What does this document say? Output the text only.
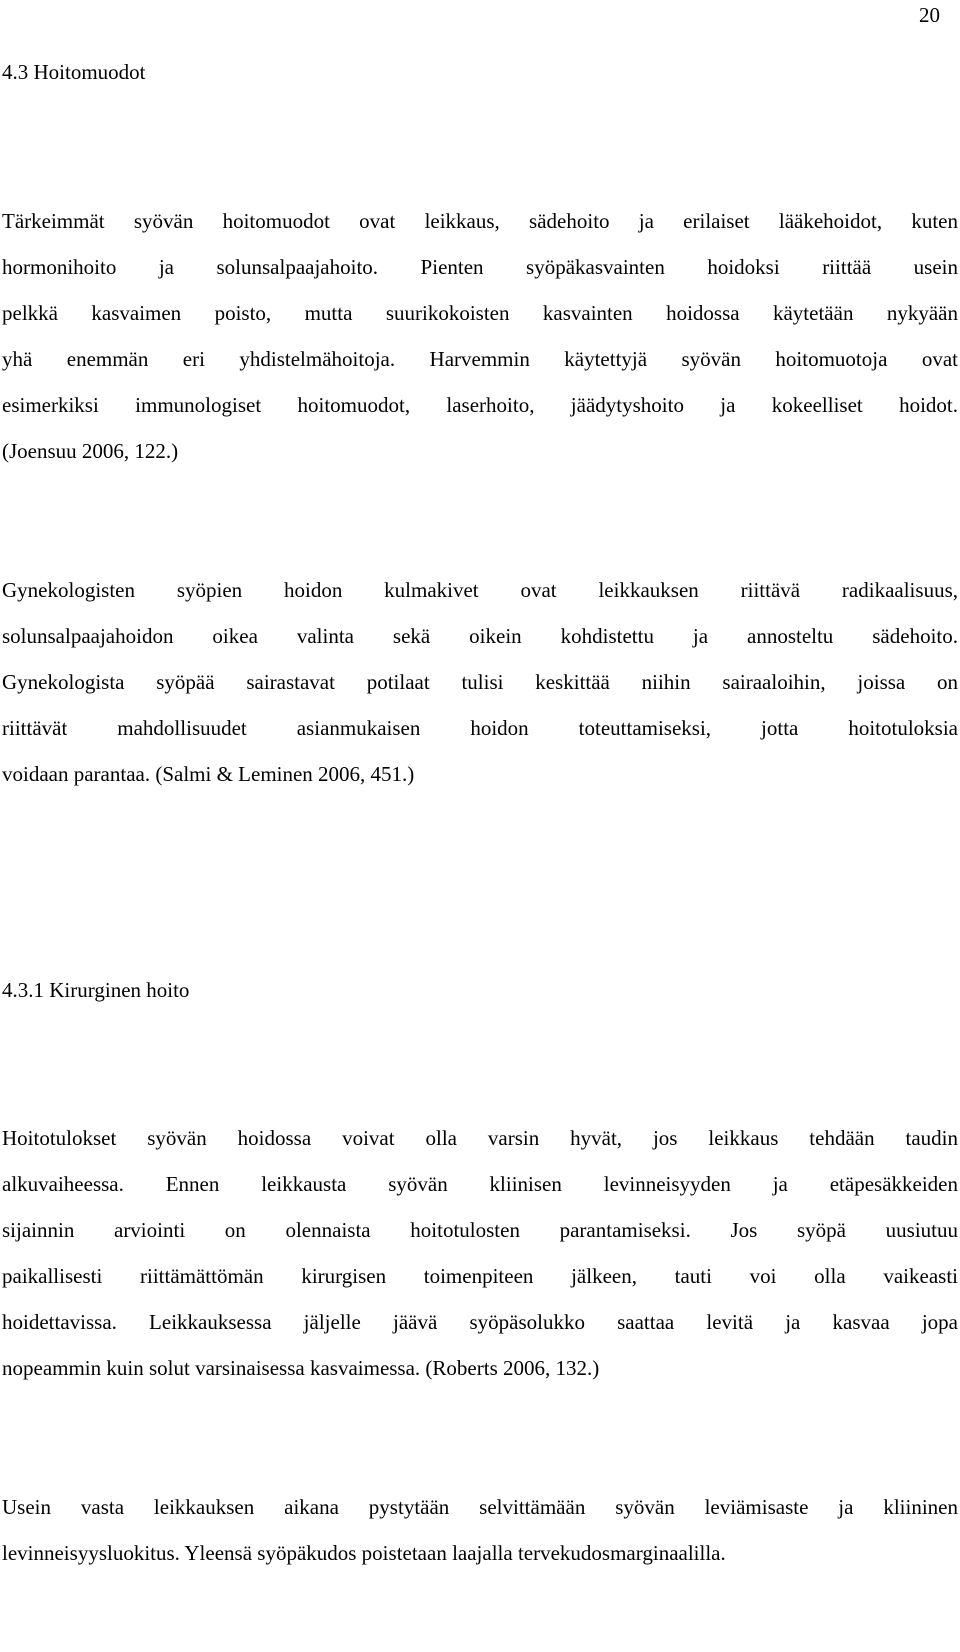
20
4.3 Hoitomuodot
Tärkeimmät syövän hoitomuodot ovat leikkaus, sädehoito ja erilaiset lääkehoidot, kuten
hormonihoito ja solunsalpaajahoito. Pienten syöpäkasvainten hoidoksi riittää usein
pelkkä kasvaimen poisto, mutta suurikokoisten kasvainten hoidossa käytetään nykyään
yhä enemmän eri yhdistelmähoitoja. Harvemmin käytettyjä syövän hoitomuotoja ovat
esimerkiksi immunologiset hoitomuodot, laserhoito, jäädytyshoito ja kokeelliset hoidot.
(Joensuu 2006, 122.)
Gynekologisten syöpien hoidon kulmakivet ovat leikkauksen riittävä radikaalisuus,
solunsalpaajahoidon oikea valinta sekä oikein kohdistettu ja annosteltu sädehoito.
Gynekologista syöpää sairastavat potilaat tulisi keskittää niihin sairaaloihin, joissa on
riittävät mahdollisuudet asianmukaisen hoidon toteuttamiseksi, jotta hoitotuloksia
voidaan parantaa. (Salmi & Leminen 2006, 451.)
4.3.1 Kirurginen hoito
Hoitotulokset syövän hoidossa voivat olla varsin hyvät, jos leikkaus tehdään taudin
alkuvaiheessa. Ennen leikkausta syövän kliinisen levinneisyyden ja etäpesäkkeiden
sijainnin arviointi on olennaista hoitotulosten parantamiseksi. Jos syöpä uusiutuu
paikallisesti riittämättömän kirurgisen toimenpiteen jälkeen, tauti voi olla vaikeasti
hoidettavissa. Leikkauksessa jäljelle jäävä syöpäsolukko saattaa levitä ja kasvaa jopa
nopeammin kuin solut varsinaisessa kasvaimessa. (Roberts 2006, 132.)
Usein vasta leikkauksen aikana pystytään selvittämään syövän leviämisaste ja kliininen
levinneisyysluokitus. Yleensä syöpäkudos poistetaan laajalla tervekudosmarginaalilla.
